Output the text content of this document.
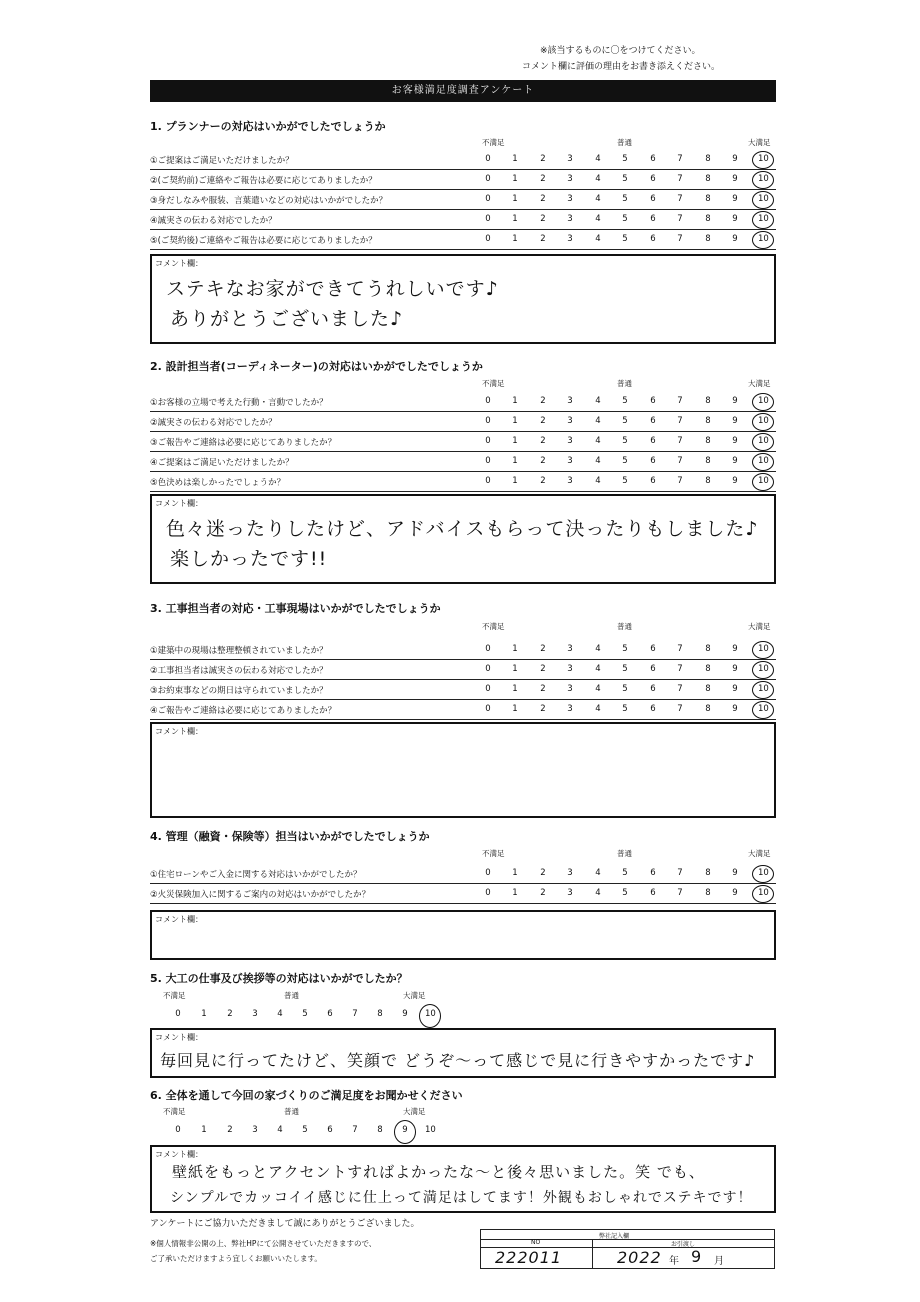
※該当するものに〇をつけてください。
コメント欄に評価の理由をお書き添えください。
お客様満足度調査アンケート
1. プランナーの対応はいかがでしたでしょうか
不満足	普通	大満足
①ご提案はご満足いただけましたか？	0	1	2	3	4	5	6	7	8	9 10
②(ご契約前)ご連絡やご報告は必要に応じてありましたか？	0	1	2	3	4	5	6	7	8	9 10
③身だしなみや服装、言葉遣いなどの対応はいかがでしたか？	0	1	2	3	4	5	6	7	8	9 10
④誠実さの伝わる対応でしたか？	0	1	2	3	4	5	6	7	8	9 10
⑤(ご契約後)ご連絡やご報告は必要に応じてありましたか？	0	1	2	3	4	5	6	7	8	9 10
コメント欄：
ステキなお家ができてうれしいです♪
ありがとうございました♪
2. 設計担当者(コーディネーター)の対応はいかがでしたでしょうか
不満足	普通	大満足
①お客様の立場で考えた行動・言動でしたか？	0	1	2	3	4	5	6	7	8	9 10
②誠実さの伝わる対応でしたか？	0	1	2	3	4	5	6	7	8	9 10
③ご報告やご連絡は必要に応じてありましたか？	0	1	2	3	4	5	6	7	8	9 10
④ご提案はご満足いただけましたか？	0	1	2	3	4	5	6	7	8	9 10
⑤色決めは楽しかったでしょうか？	0	1	2	3	4	5	6	7	8	9 10
コメント欄：
色々迷ったりしたけど、アドバイスもらって決ったりもしました♪
楽しかったです!!
3. 工事担当者の対応・工事現場はいかがでしたでしょうか
不満足	普通	大満足
①建築中の現場は整理整頓されていましたか？	0	1	2	3	4	5	6	7	8	9 10
②工事担当者は誠実さの伝わる対応でしたか？	0	1	2	3	4	5	6	7	8	9 10
③お約束事などの期日は守られていましたか？	0	1	2	3	4	5	6	7	8	9 10
④ご報告やご連絡は必要に応じてありましたか？	0	1	2	3	4	5	6	7	8	9 10
コメント欄：
4. 管理（融資・保険等）担当はいかがでしたでしょうか
不満足	普通	大満足
①住宅ローンやご入金に関する対応はいかがでしたか？	0	1	2	3	4	5	6	7	8	9 10
②火災保険加入に関するご案内の対応はいかがでしたか？	0	1	2	3	4	5	6	7	8	9 10
コメント欄：
5. 大工の仕事及び挨拶等の対応はいかがでしたか？
不満足	普通	大満足
0 1 2 3 4 5 6 7 8 9 10
コメント欄：
毎回見に行ってたけど、笑顔で どうぞ〜って感じで見に行きやすかったです♪
6. 全体を通して今回の家づくりのご満足度をお聞かせください
不満足	普通	大満足
0 1 2 3 4 5 6 7 8 9 10
コメント欄：
壁紙をもっとアクセントすればよかったな〜と後々思いました。笑 でも、
シンプルでカッコイイ感じに仕上って満足はしてます！外観もおしゃれでステキです！
アンケートにご協力いただきまして誠にありがとうございました。
※個人情報非公開の上、弊社HPにて公開させていただきますので、
ご了承いただけますよう宜しくお願いいたします。
弊社記入欄
NO	お引渡し
222011	2022 年 9 月
